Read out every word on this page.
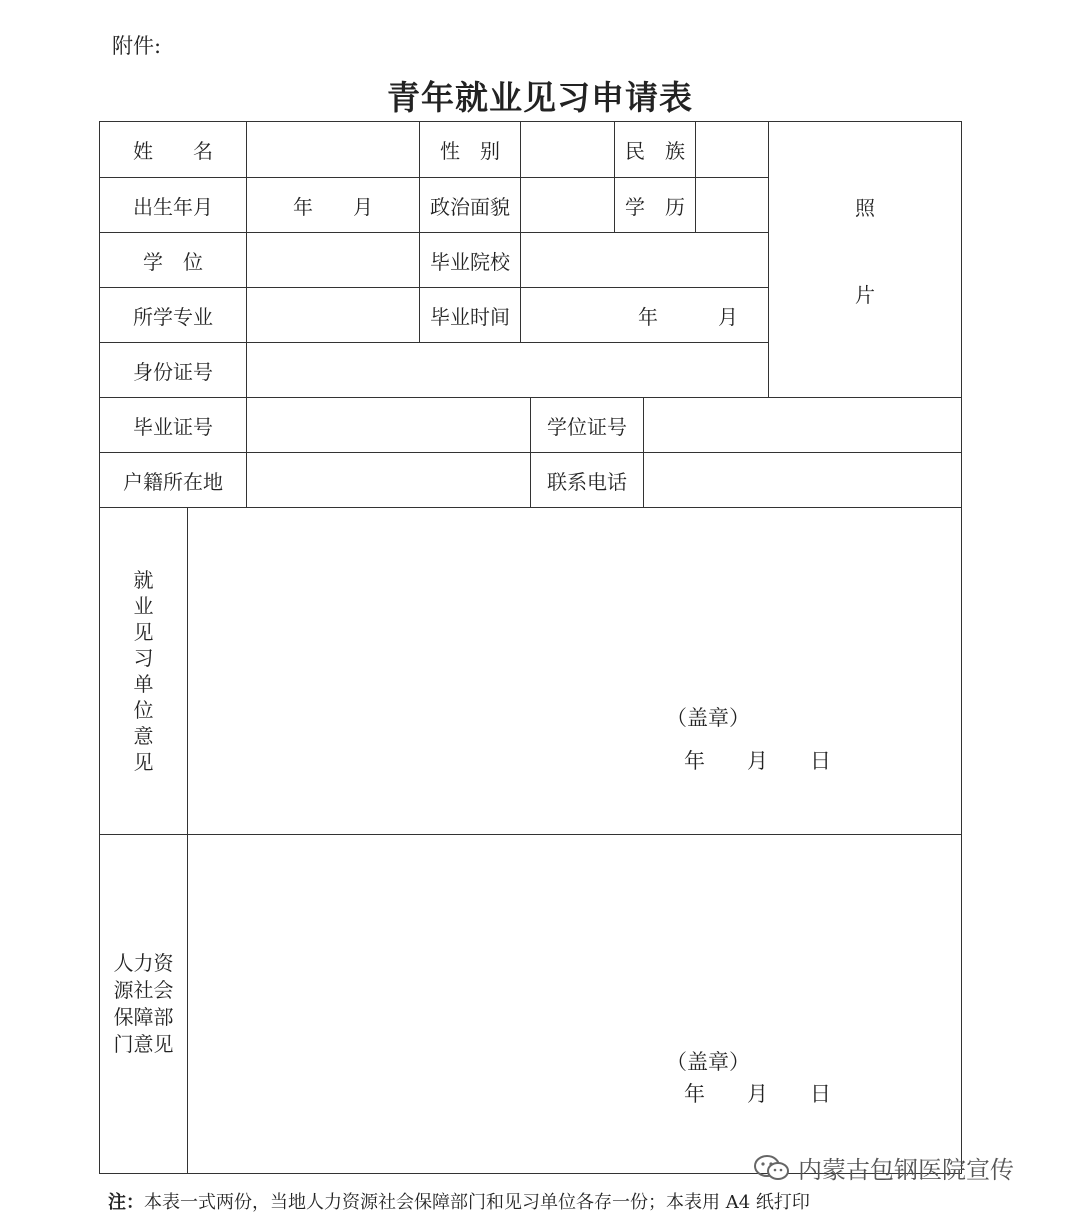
附件:
青年就业见习申请表
姓　　名	性　别	民　族
照
片
出生年月	年　　月	政治面貌	学　历
学　位	毕业院校
所学专业	毕业时间	年　　　月
身份证号
毕业证号	学位证号
户籍所在地	联系电话
就
业
见
习
单
位
意
见
人力资
源社会
保障部
门意见
（盖章）
年　　月　　日
（盖章）
年　　月　　日
内蒙古包钢医院宣传
注：本表一式两份，当地人力资源社会保障部门和见习单位各存一份；本表用 A4 纸打印
